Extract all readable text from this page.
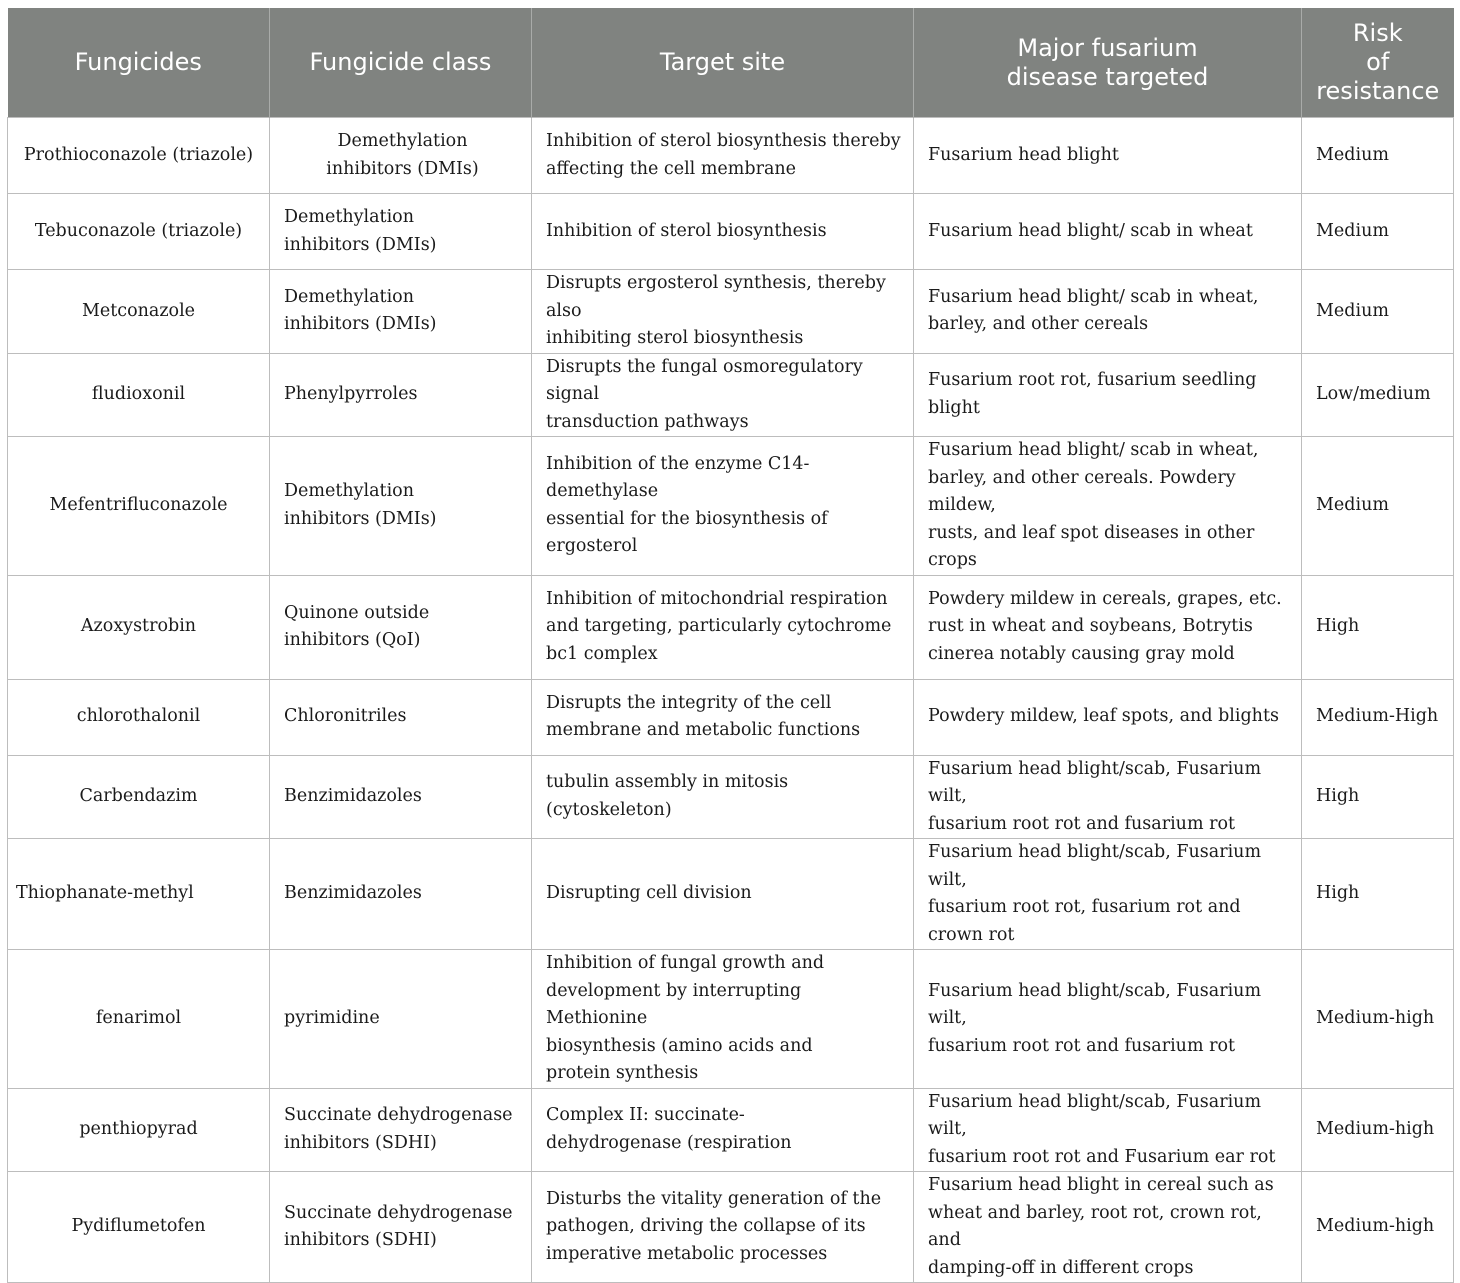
Fungicides	Fungicide class	Target site	Major fusarium
disease targeted	Risk
of
resistance
Prothioconazole (triazole)	Demethylation
inhibitors (DMIs)	Inhibition of sterol biosynthesis thereby
affecting the cell membrane	Fusarium head blight	Medium
Tebuconazole (triazole)	Demethylation
inhibitors (DMIs)	Inhibition of sterol biosynthesis	Fusarium head blight/ scab in wheat	Medium
Metconazole	Demethylation
inhibitors (DMIs)	Disrupts ergosterol synthesis, thereby also
inhibiting sterol biosynthesis	Fusarium head blight/ scab in wheat,
barley, and other cereals	Medium
fludioxonil	Phenylpyrroles	Disrupts the fungal osmoregulatory signal
transduction pathways	Fusarium root rot, fusarium seedling blight	Low/medium
Mefentrifluconazole	Demethylation
inhibitors (DMIs)	Inhibition of the enzyme C14-demethylase
essential for the biosynthesis of ergosterol	Fusarium head blight/ scab in wheat,
barley, and other cereals. Powdery mildew,
rusts, and leaf spot diseases in other crops	Medium
Azoxystrobin	Quinone outside
inhibitors (QoI)	Inhibition of mitochondrial respiration
and targeting, particularly cytochrome
bc1 complex	Powdery mildew in cereals, grapes, etc.
rust in wheat and soybeans, Botrytis
cinerea notably causing gray mold	High
chlorothalonil	Chloronitriles	Disrupts the integrity of the cell
membrane and metabolic functions	Powdery mildew, leaf spots, and blights	Medium-High
Carbendazim	Benzimidazoles	tubulin assembly in mitosis (cytoskeleton)	Fusarium head blight/scab, Fusarium wilt,
fusarium root rot and fusarium rot	High
Thiophanate-methyl	Benzimidazoles	Disrupting cell division	Fusarium head blight/scab, Fusarium wilt,
fusarium root rot, fusarium rot and
crown rot	High
fenarimol	pyrimidine	Inhibition of fungal growth and
development by interrupting Methionine
biosynthesis (amino acids and
protein synthesis	Fusarium head blight/scab, Fusarium wilt,
fusarium root rot and fusarium rot	Medium-high
penthiopyrad	Succinate dehydrogenase
inhibitors (SDHI)	Complex II: succinate-
dehydrogenase (respiration	Fusarium head blight/scab, Fusarium wilt,
fusarium root rot and Fusarium ear rot	Medium-high
Pydiflumetofen	Succinate dehydrogenase
inhibitors (SDHI)	Disturbs the vitality generation of the
pathogen, driving the collapse of its
imperative metabolic processes	Fusarium head blight in cereal such as
wheat and barley, root rot, crown rot, and
damping-off in different crops	Medium-high
